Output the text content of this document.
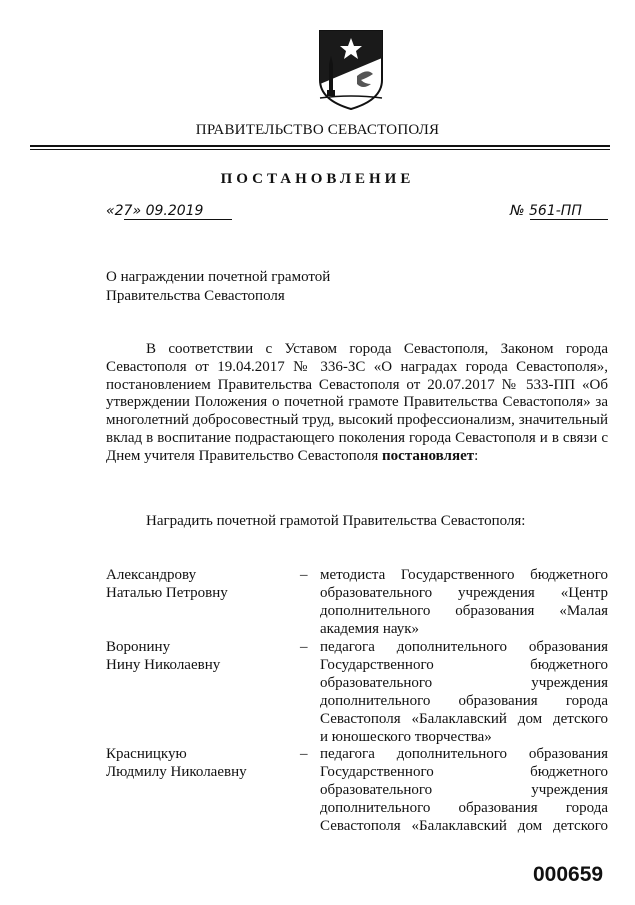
ПРАВИТЕЛЬСТВО СЕВАСТОПОЛЯ
ПОСТАНОВЛЕНИЕ
«27» 09.2019	№ 561-ПП
О награждении почетной грамотой
Правительства Севастополя
В соответствии с Уставом города Севастополя, Законом города Севастополя от 19.04.2017 № 336-ЗС «О наградах города Севастополя», постановлением Правительства Севастополя от 20.07.2017 № 533-ПП «Об утверждении Положения о почетной грамоте Правительства Севастополя» за многолетний добросовестный труд, высокий профессионализм, значительный вклад в воспитание подрастающего поколения города Севастополя и в связи с Днем учителя Правительство Севастополя постановляет:
Наградить почетной грамотой Правительства Севастополя:
Александрову
Наталью Петровну
– методиста Государственного бюджетного
образовательного учреждения «Центр
дополнительного образования «Малая
академия наук»
Воронину
Нину Николаевну
– педагога дополнительного образования
Государственного бюджетного
образовательного учреждения
дополнительного образования города
Севастополя «Балаклавский дом детского
и юношеского творчества»
Красницкую
Людмилу Николаевну
– педагога дополнительного образования
Государственного бюджетного
образовательного учреждения
дополнительного образования города
Севастополя «Балаклавский дом детского
000659
